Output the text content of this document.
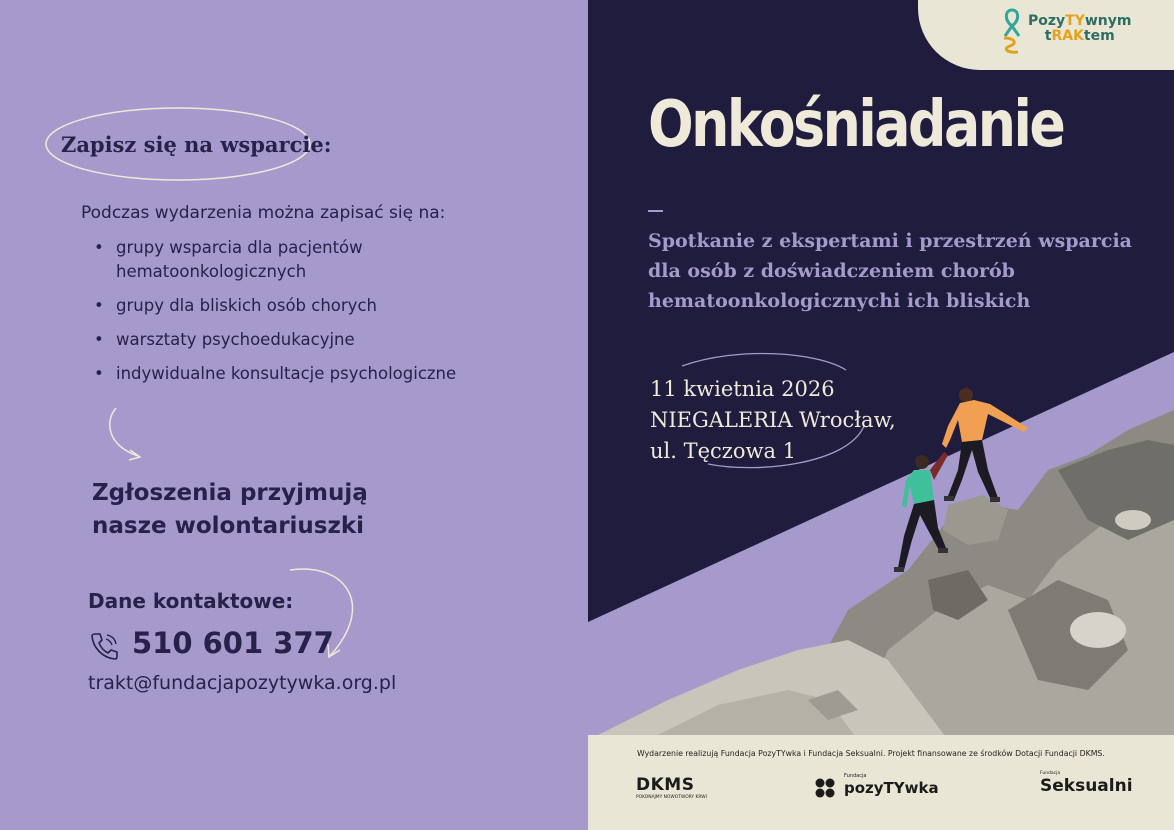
Zapisz się na wsparcie:
Podczas wydarzenia można zapisać się na:
• grupy wsparcia dla pacjentów hematoonkologicznych
• grupy dla bliskich osób chorych
• warsztaty psychoedukacyjne
• indywidualne konsultacje psychologiczne
Zgłoszenia przyjmują
nasze wolontariuszki
Dane kontaktowe:
510 601 377
trakt@fundacjapozytywka.org.pl
PozyTYwnym
tRAKtem
Onkośniadanie
Spotkanie z ekspertami i przestrzeń wsparcia dla osób z doświadczeniem chorób hematoonkologicznychi ich bliskich
11 kwietnia 2026
NIEGALERIA Wrocław,
ul. Tęczowa 1
Wydarzenie realizują Fundacja PozyTYwka i Fundacja Seksualni. Projekt finansowane ze środków Dotacji Fundacji DKMS.
DKMS
POKONAJMY NOWOTWORY KRWI
Fundacja
pozyTYwka
Fundacja
Seksualni
